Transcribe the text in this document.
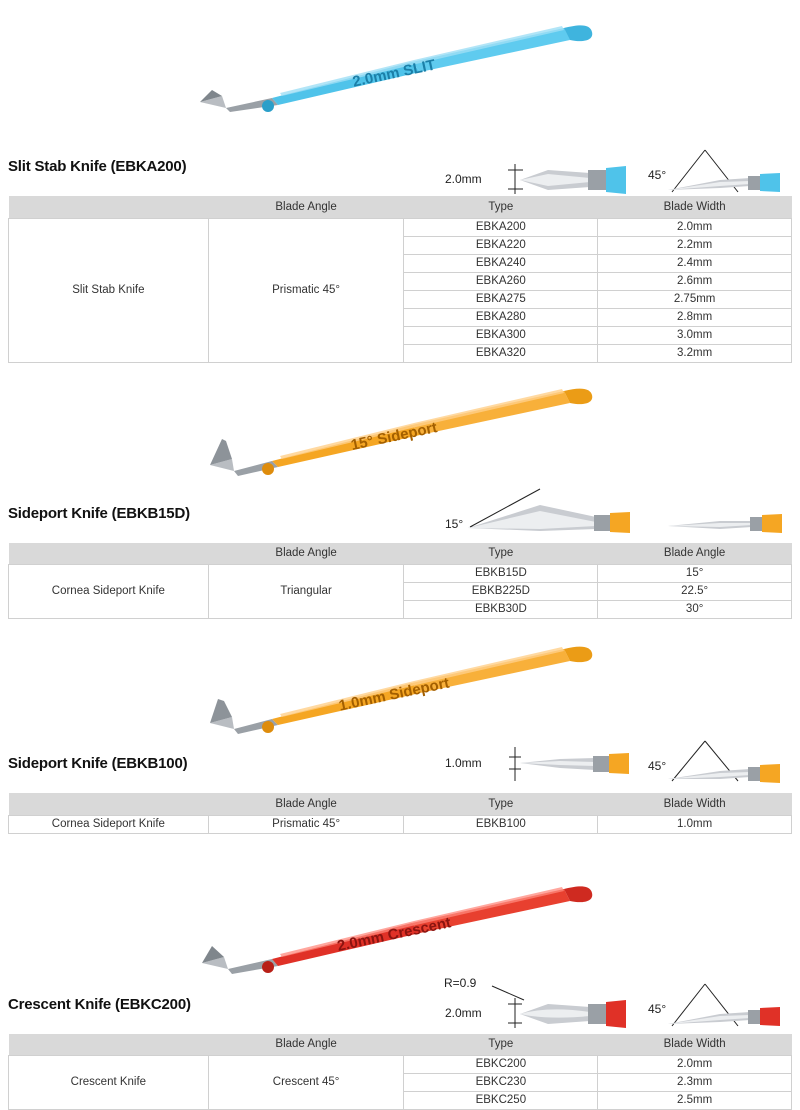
2.0mm SLIT
Slit Stab Knife (EBKA200)
2.0mm	45°
	Blade Angle	Type	Blade Width
Slit Stab Knife	Prismatic 45°	EBKA200	2.0mm
		EBKA220	2.2mm
		EBKA240	2.4mm
		EBKA260	2.6mm
		EBKA275	2.75mm
		EBKA280	2.8mm
		EBKA300	3.0mm
		EBKA320	3.2mm
15° Sideport
Sideport Knife (EBKB15D)
15°
	Blade Angle	Type	Blade Angle
Cornea Sideport Knife	Triangular	EBKB15D	15°
		EBKB225D	22.5°
		EBKB30D	30°
1.0mm Sideport
Sideport Knife (EBKB100)	1.0mm	45°
	Blade Angle	Type	Blade Width
Cornea Sideport Knife	Prismatic 45°	EBKB100	1.0mm
2.0mm Crescent
Crescent Knife (EBKC200)
R=0.9
2.0mm	45°
	Blade Angle	Type	Blade Width
Crescent Knife	Crescent 45°	EBKC200	2.0mm
		EBKC230	2.3mm
		EBKC250	2.5mm
